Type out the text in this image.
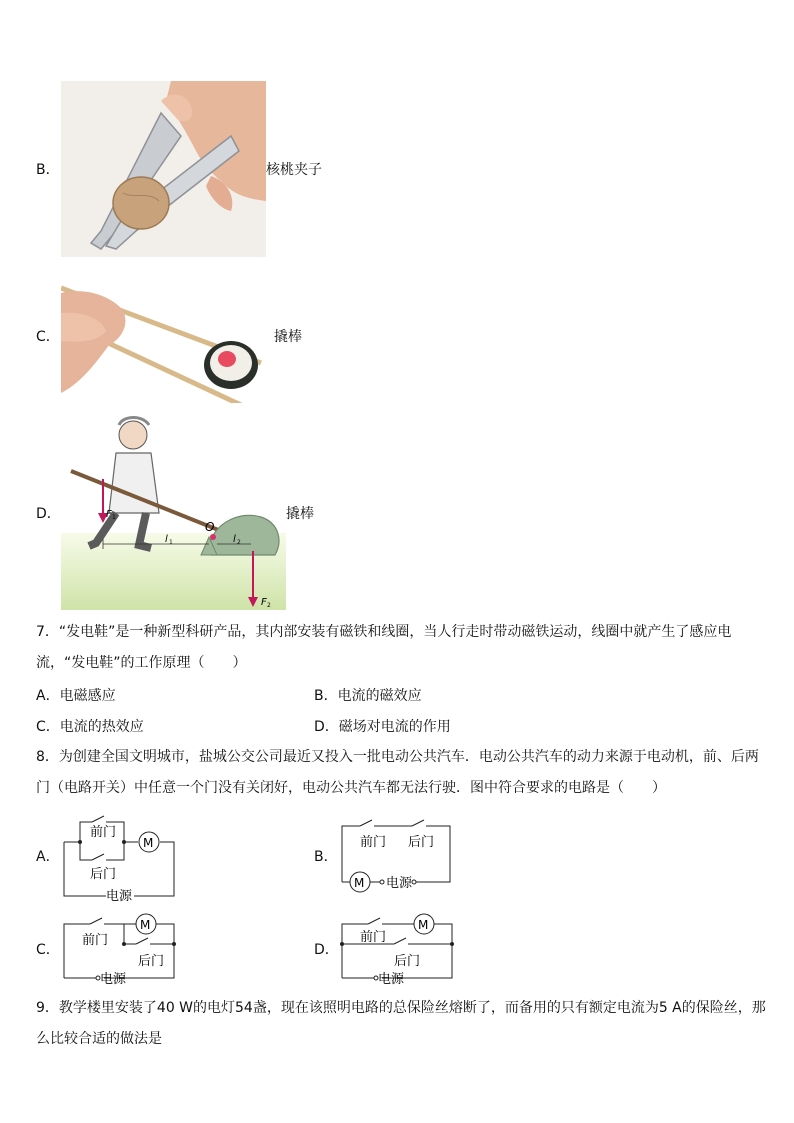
B．	核桃夹子
C．	撬棒
D．
O
l 1	l 2
F 1
F 2
撬棒
7．“发电鞋”是一种新型科研产品，其内部安装有磁铁和线圈，当人行走时带动磁铁运动，线圈中就产生了感应电流，“发电鞋”的工作原理（　　）
A．电磁感应	B．电流的磁效应
C．电流的热效应	D．磁场对电流的作用
8．为创建全国文明城市，盐城公交公司最近又投入一批电动公共汽车．电动公共汽车的动力来源于电动机，前、后两门（电路开关）中任意一个门没有关闭好，电动公共汽车都无法行驶．图中符合要求的电路是（　　）
A．
前门
后门
M
电源
B．
前门 后门
M 电源
C．
前门
后门
M
电源
D．
前门
后门
M
电源
9．教学楼里安装了40 W的电灯54盏，现在该照明电路的总保险丝熔断了，而备用的只有额定电流为5 A的保险丝，那么比较合适的做法是
